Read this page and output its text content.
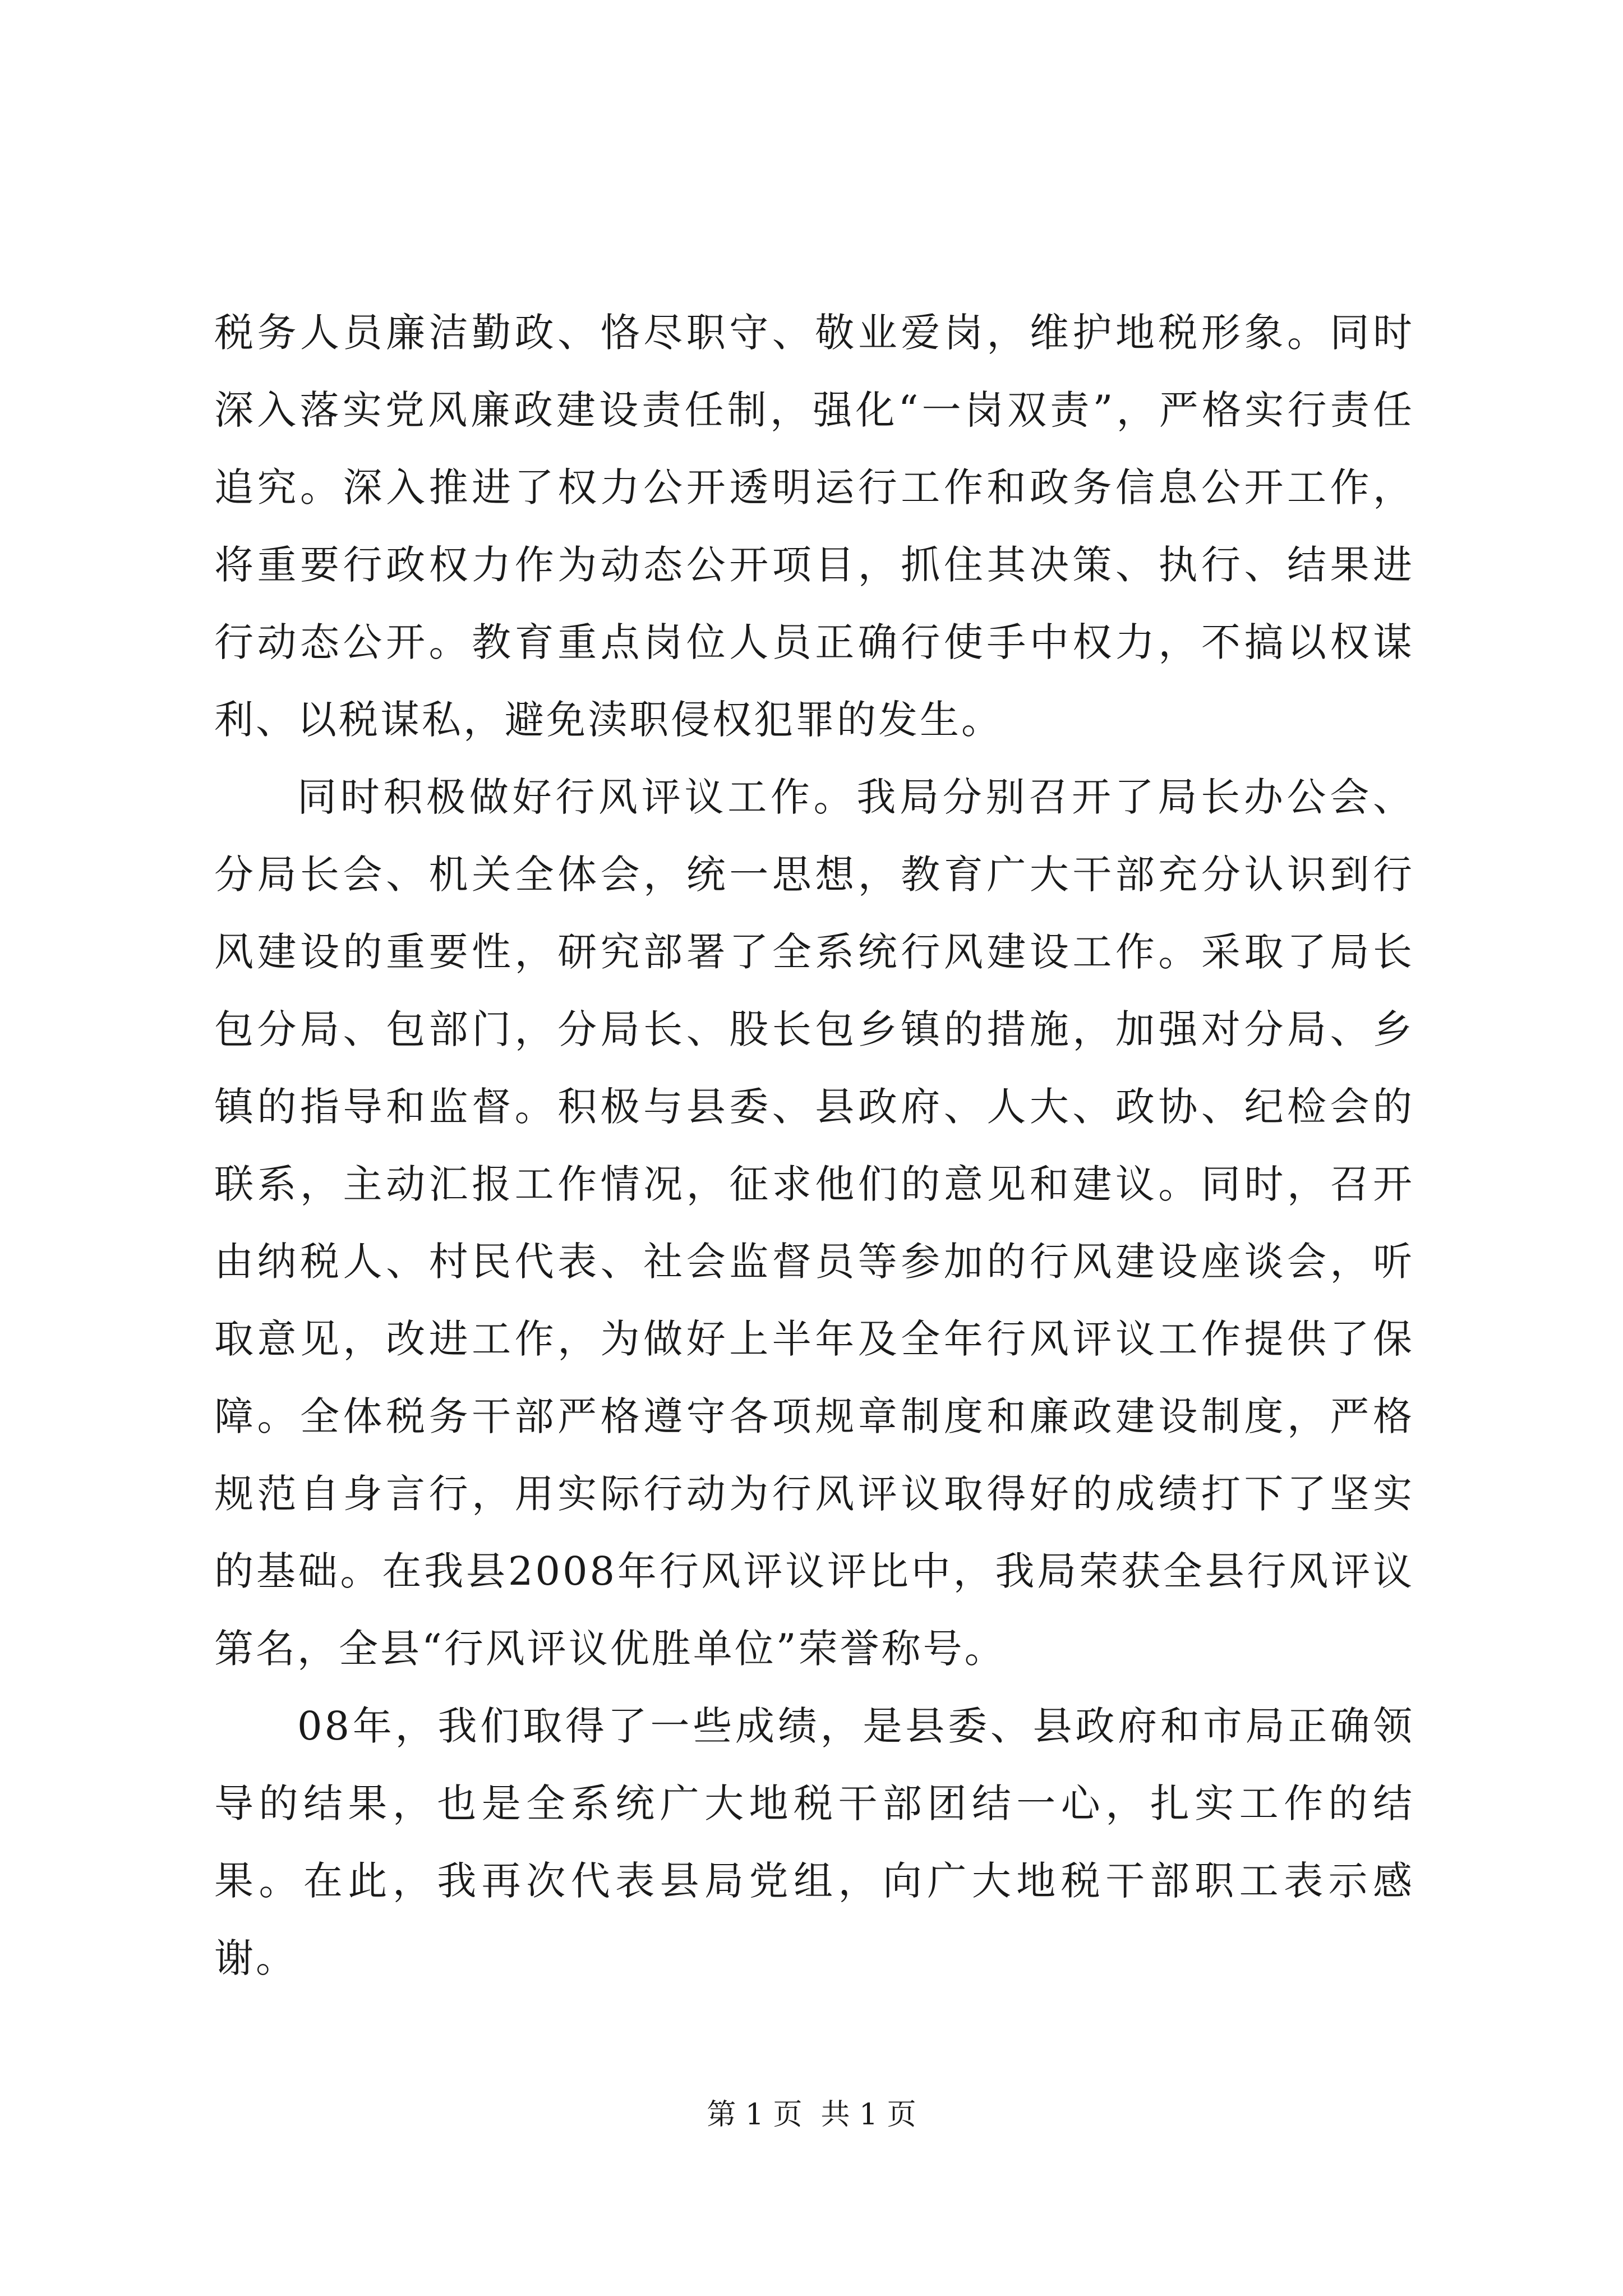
税务人员廉洁勤政、恪尽职守、敬业爱岗，维护地税形象。同时深入落实党风廉政建设责任制，强化“一岗双责”，严格实行责任追究。深入推进了权力公开透明运行工作和政务信息公开工作，将重要行政权力作为动态公开项目，抓住其决策、执行、结果进行动态公开。教育重点岗位人员正确行使手中权力，不搞以权谋利、以税谋私，避免渎职侵权犯罪的发生。

同时积极做好行风评议工作。我局分别召开了局长办公会、分局长会、机关全体会，统一思想，教育广大干部充分认识到行风建设的重要性，研究部署了全系统行风建设工作。采取了局长包分局、包部门，分局长、股长包乡镇的措施，加强对分局、乡镇的指导和监督。积极与县委、县政府、人大、政协、纪检会的联系，主动汇报工作情况，征求他们的意见和建议。同时，召开由纳税人、村民代表、社会监督员等参加的行风建设座谈会，听取意见，改进工作，为做好上半年及全年行风评议工作提供了保障。全体税务干部严格遵守各项规章制度和廉政建设制度，严格规范自身言行，用实际行动为行风评议取得好的成绩打下了坚实的基础。在我县2008年行风评议评比中，我局荣获全县行风评议第名，全县“行风评议优胜单位”荣誉称号。

08年，我们取得了一些成绩，是县委、县政府和市局正确领导的结果，也是全系统广大地税干部团结一心，扎实工作的结果。在此，我再次代表县局党组，向广大地税干部职工表示感谢。

第 1 页  共 1 页
